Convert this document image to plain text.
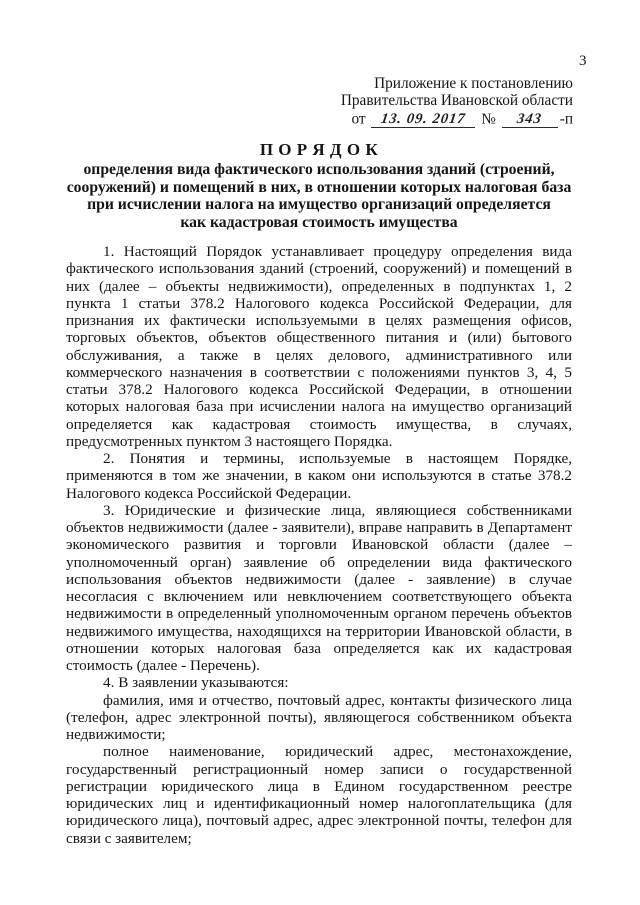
3
Приложение к постановлению
Правительства Ивановской области
от 13. 09. 2017 № 343 -п
П О Р Я Д О К
определения вида фактического использования зданий (строений,
сооружений) и помещений в них, в отношении которых налоговая база
при исчислении налога на имущество организаций определяется
как кадастровая стоимость имущества

1. Настоящий Порядок устанавливает процедуру определения вида фактического использования зданий (строений, сооружений) и помещений в них (далее – объекты недвижимости), определенных в подпунктах 1, 2 пункта 1 статьи 378.2 Налогового кодекса Российской Федерации, для признания их фактически используемыми в целях размещения офисов, торговых объектов, объектов общественного питания и (или) бытового обслуживания, а также в целях делового, административного или коммерческого назначения в соответствии с положениями пунктов 3, 4, 5 статьи 378.2 Налогового кодекса Российской Федерации, в отношении которых налоговая база при исчислении налога на имущество организаций определяется как кадастровая стоимость имущества, в случаях, предусмотренных пунктом 3 настоящего Порядка.

2. Понятия и термины, используемые в настоящем Порядке, применяются в том же значении, в каком они используются в статье 378.2 Налогового кодекса Российской Федерации.

3. Юридические и физические лица, являющиеся собственниками объектов недвижимости (далее - заявители), вправе направить в Департамент экономического развития и торговли Ивановской области (далее – уполномоченный орган) заявление об определении вида фактического использования объектов недвижимости (далее - заявление) в случае несогласия с включением или невключением соответствующего объекта недвижимости в определенный уполномоченным органом перечень объектов недвижимого имущества, находящихся на территории Ивановской области, в отношении которых налоговая база определяется как их кадастровая стоимость (далее - Перечень).

4. В заявлении указываются:

фамилия, имя и отчество, почтовый адрес, контакты физического лица (телефон, адрес электронной почты), являющегося собственником объекта недвижимости;

полное наименование, юридический адрес, местонахождение, государственный регистрационный номер записи о государственной регистрации юридического лица в Едином государственном реестре юридических лиц и идентификационный номер налогоплательщика (для юридического лица), почтовый адрес, адрес электронной почты, телефон для связи с заявителем;
